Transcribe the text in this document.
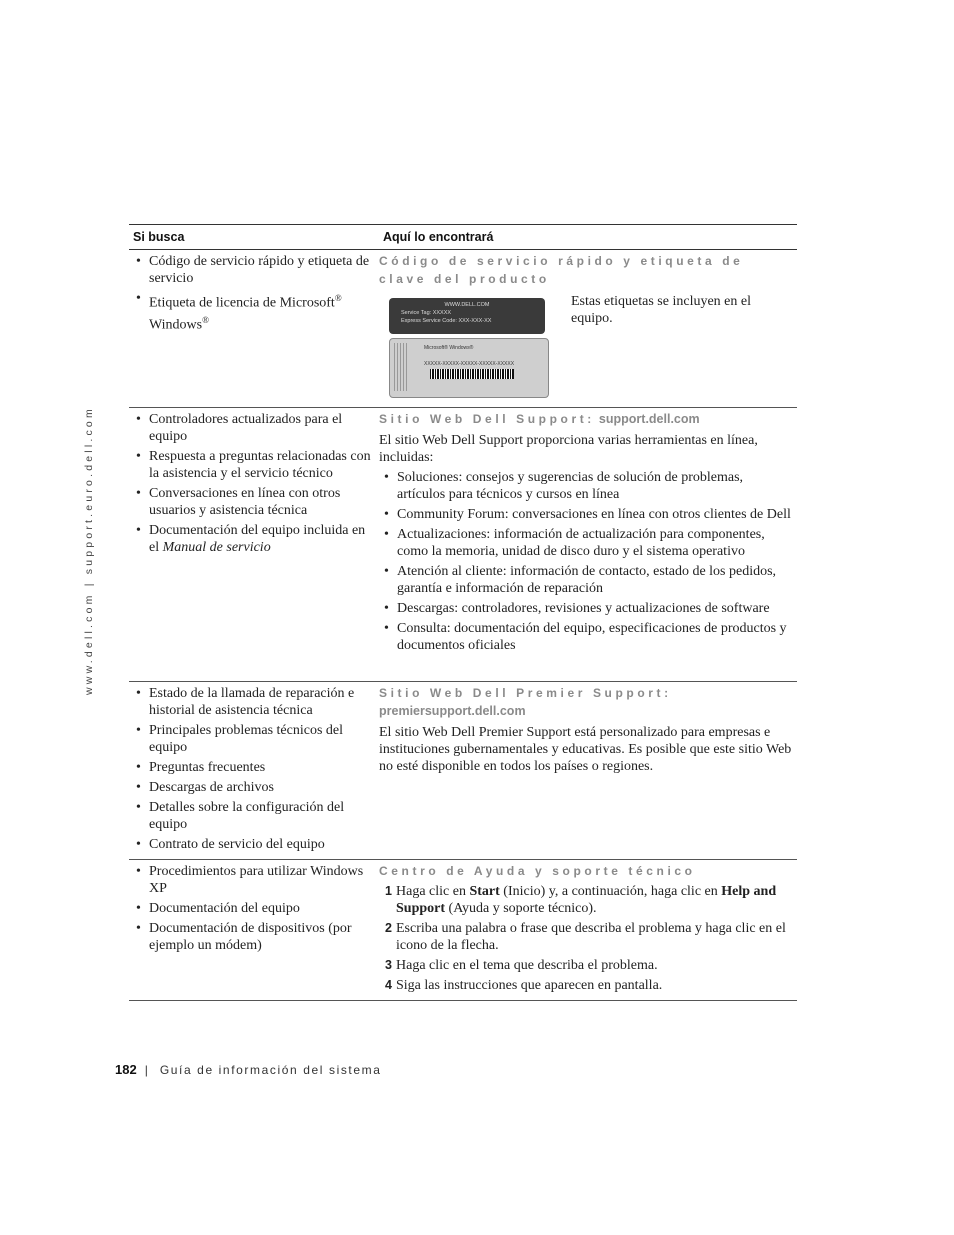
www.dell.com | support.euro.dell.com
Si busca	Aquí lo encontrará
• Código de servicio rápido y etiqueta de servicio
• Etiqueta de licencia de Microsoft® Windows®
Código de servicio rápido y etiqueta de clave del producto
WWW.DELL.COM
Service Tag: XXXXX
Express Service Code: XXX-XXX-XX
Microsoft® Windows®
XXXXX-XXXXX-XXXXX-XXXXX-XXXXX

Estas etiquetas se incluyen en el equipo.

• Controladores actualizados para el equipo
• Respuesta a preguntas relacionadas con la asistencia y el servicio técnico
• Conversaciones en línea con otros usuarios y asistencia técnica
• Documentación del equipo incluida en el Manual de servicio
Sitio Web Dell Support: support.dell.com

El sitio Web Dell Support proporciona varias herramientas en línea, incluidas:

• Soluciones: consejos y sugerencias de solución de problemas, artículos para técnicos y cursos en línea
• Community Forum: conversaciones en línea con otros clientes de Dell
• Actualizaciones: información de actualización para componentes, como la memoria, unidad de disco duro y el sistema operativo
• Atención al cliente: información de contacto, estado de los pedidos, garantía e información de reparación
• Descargas: controladores, revisiones y actualizaciones de software
• Consulta: documentación del equipo, especificaciones de productos y documentos oficiales
• Estado de la llamada de reparación e historial de asistencia técnica
• Principales problemas técnicos del equipo
• Preguntas frecuentes
• Descargas de archivos
• Detalles sobre la configuración del equipo
• Contrato de servicio del equipo
Sitio Web Dell Premier Support:
premiersupport.dell.com

El sitio Web Dell Premier Support está personalizado para empresas e instituciones gubernamentales y educativas. Es posible que este sitio Web no esté disponible en todos los países o regiones.

• Procedimientos para utilizar Windows XP
• Documentación del equipo
• Documentación de dispositivos (por ejemplo un módem)
Centro de Ayuda y soporte técnico
1 Haga clic en Start (Inicio) y, a continuación, haga clic en Help and Support (Ayuda y soporte técnico).
2 Escriba una palabra o frase que describa el problema y haga clic en el icono de la flecha.
3 Haga clic en el tema que describa el problema.
4 Siga las instrucciones que aparecen en pantalla.
182 | Guía de información del sistema
